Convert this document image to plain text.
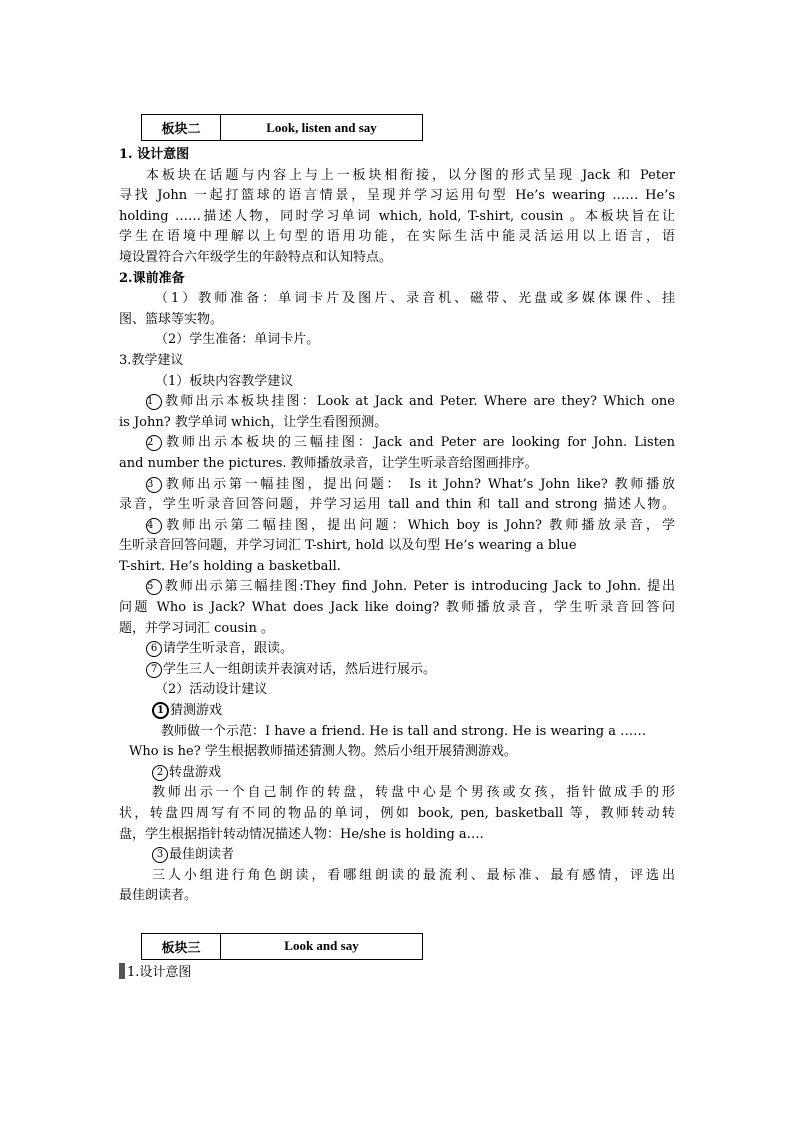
板块二	Look, listen and say
1. 设计意图
本板块在话题与内容上与上一板块相衔接，以分图的形式呈现 Jack 和 Peter
寻找 John 一起打篮球的语言情景，呈现并学习运用句型 He’s wearing …… He’s
holding ……描述人物，同时学习单词 which, hold, T-shirt, cousin 。本板块旨在让
学生在语境中理解以上句型的语用功能，在实际生活中能灵活运用以上语言，语
境设置符合六年级学生的年龄特点和认知特点。
2.课前准备
（1）教师准备：单词卡片及图片、录音机、磁带、光盘或多媒体课件、挂
图、篮球等实物。
（2）学生准备：单词卡片。
3.教学建议
（1）板块内容教学建议
1 教师出示本板块挂图：Look at Jack and Peter. Where are they? Which one
is John? 教学单词 which，让学生看图预测。
2 教师出示本板块的三幅挂图：Jack and Peter are looking for John. Listen
and number the pictures. 教师播放录音，让学生听录音给图画排序。
3 教师出示第一幅挂图，提出问题： Is it John? What’s John like? 教师播放
录音，学生听录音回答问题，并学习运用 tall and thin 和 tall and strong 描述人物。
4 教师出示第二幅挂图，提出问题：Which boy is John? 教师播放录音，学
生听录音回答问题，并学习词汇 T-shirt, hold 以及句型 He’s wearing a blue
T-shirt. He’s holding a basketball.
5 教师出示第三幅挂图:They find John. Peter is introducing Jack to John. 提出
问题 Who is Jack? What does Jack like doing? 教师播放录音，学生听录音回答问
题，并学习词汇 cousin 。
6 请学生听录音，跟读。
7 学生三人一组朗读并表演对话，然后进行展示。
（2）活动设计建议
1 猜测游戏
教师做一个示范：I have a friend. He is tall and strong. He is wearing a ……
Who is he? 学生根据教师描述猜测人物。然后小组开展猜测游戏。
2 转盘游戏
教师出示一个自己制作的转盘，转盘中心是个男孩或女孩，指针做成手的形
状，转盘四周写有不同的物品的单词，例如 book, pen, basketball 等，教师转动转
盘，学生根据指针转动情况描述人物：He/she is holding a….
3 最佳朗读者
三人小组进行角色朗读，看哪组朗读的最流利、最标准、最有感情，评选出
最佳朗读者。
板块三	Look and say
1.设计意图
